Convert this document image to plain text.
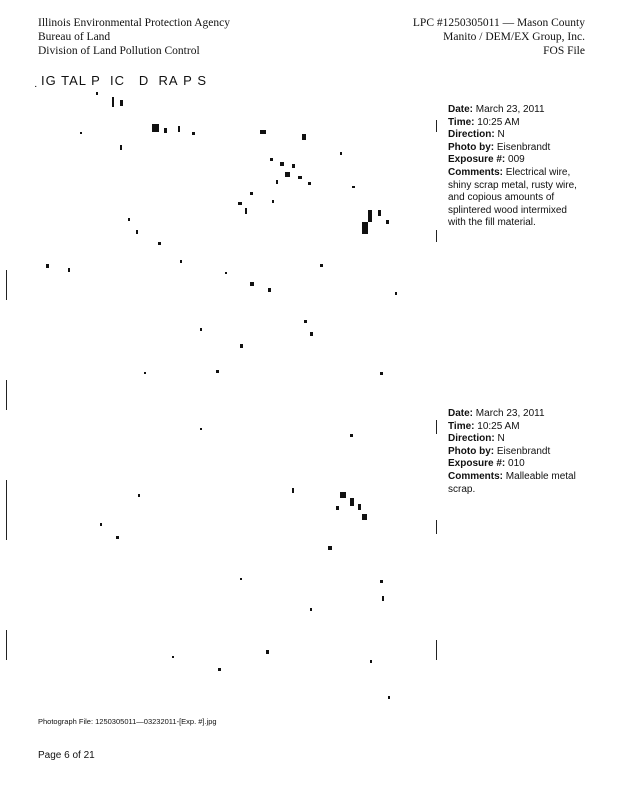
Illinois Environmental Protection Agency
Bureau of Land
Division of Land Pollution Control
LPC #1250305011 — Mason County
Manito / DEM/EX Group, Inc.
FOS File
̣IG TAL P  IC   D  RA P S
Date: March 23, 2011
Time: 10:25 AM
Direction: N
Photo by: Eisenbrandt
Exposure #: 009
Comments: Electrical wire, shiny scrap metal, rusty wire, and copious amounts of splintered wood intermixed with the fill material.
Date: March 23, 2011
Time: 10:25 AM
Direction: N
Photo by: Eisenbrandt
Exposure #: 010
Comments: Malleable metal scrap.
Photograph File: 1250305011—03232011-[Exp. #].jpg
Page 6 of 21
